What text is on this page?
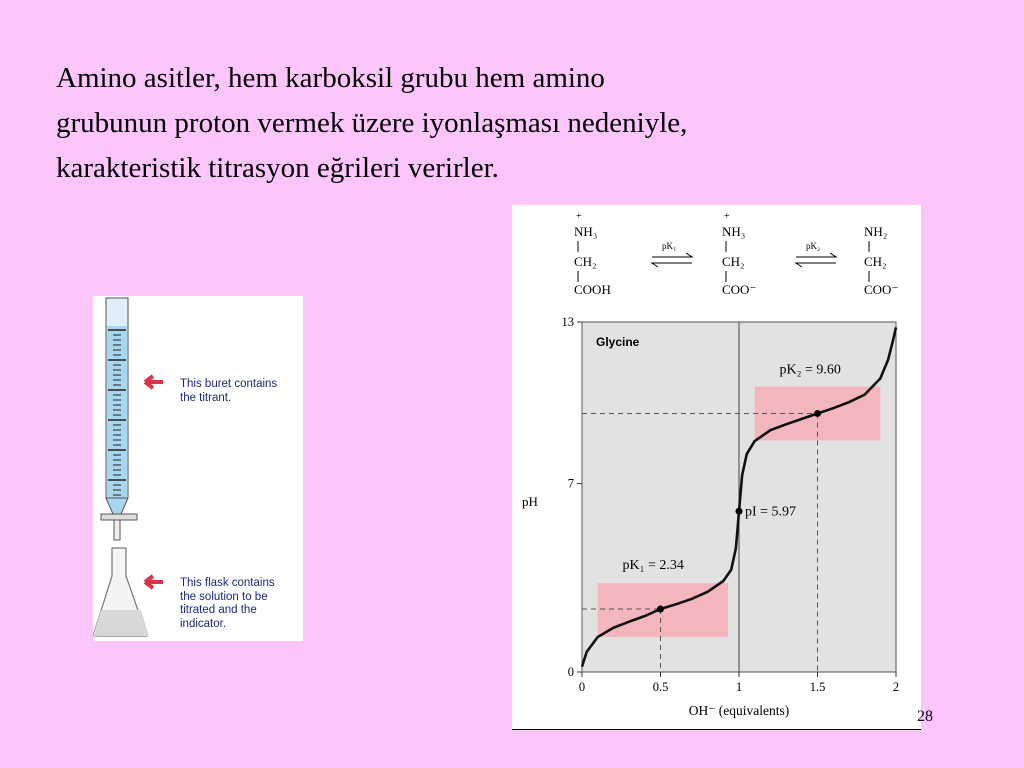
Amino asitler, hem karboksil grubu hem amino
grubunun proton vermek üzere iyonlaşması nedeniyle,
karakteristik titrasyon eğrileri verirler.
This buret contains
the titrant.
This flask contains
the solution to be
titrated and the
indicator.
+
NH₃
CH₂
COOH
+
NH₃
CH₂
COO⁻
NH₂
CH₂
COO⁻
pK₁	pK₂
pK₁ = 2.34
pI = 5.97
pK₂ = 9.60
0	0.5	1	1.5	2
0
7
13
Glycine
pH
OH⁻ (equivalents)	28
